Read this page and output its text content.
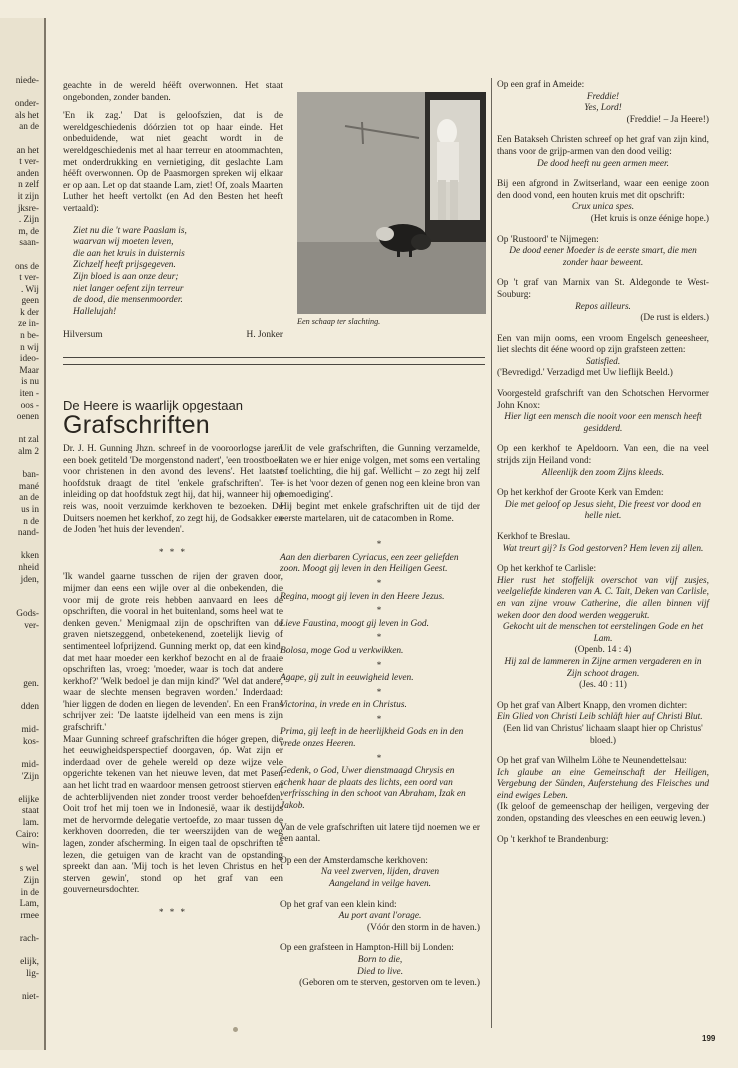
niede-
onder-
als het
an de
an het
t ver-
anden
n zelf
it zijn
jksre-
. Zijn
m, de
saan-
ons de
t ver-
. Wij
geen
k der
ze in-
n be-
n wij
ideo-
Maar
is nu
iten -
oos -
oenen
nt zal
alm 2
ban-
mané
an de
us in
n de
nand-
kken
nheid
jden,
Gods-
ver-
gen.
dden
mid-
kos-
mid-
'Zijn
elijke
staat
lam.
Cairo:
win-
s wel
Zijn
in de
Lam,
rmee
rach-
elijk,
lig-
niet-

geachte in de wereld héëft overwonnen. Het staat ongebonden, zonder banden.

'En ik zag.' Dat is geloofszien, dat is de wereldgeschiedenis dóórzien tot op haar einde. Het onbeduidende, wat niet geacht wordt in de wereldgeschiedenis met al haar terreur en atoommachten, met onderdrukking en vernietiging, dit geslachte Lam héëft overwonnen. Op de Paasmorgen spreken wij elkaar er op aan. Let op dat staande Lam, ziet! Of, zoals Maarten Luther het heeft vertolkt (en Ad den Besten het heeft vertaald):

Ziet nu die 't ware Paaslam is,
waarvan wij moeten leven,
die aan het kruis in duisternis
Zichzelf heeft prijsgegeven.
Zijn bloed is aan onze deur;
niet langer oefent zijn terreur
de dood, die mensenmoorder.
Hallelujah!
Hilversum	H. Jonker
Een schaap ter slachting.
De Heere is waarlijk opgestaan
Grafschriften

Dr. J. H. Gunning Jhzn. schreef in de vooroorlogse jaren een boek getiteld 'De morgenstond nadert', 'een troostboek voor christenen in den avond des levens'. Het laatste hoofdstuk draagt de titel 'enkele grafschriften'. Ter inleiding op dat hoofdstuk zegt hij, dat hij, wanneer hij op reis was, nooit verzuimde kerkhoven te bezoeken. De Duitsers noemen het kerkhof, zo zegt hij, de Godsakker en de Joden 'het huis der levenden'.

* * *

'Ik wandel gaarne tusschen de rijen der graven door, mijmer dan eens een wijle over al die onbekenden, die voor mij de grote reis hebben aanvaard en lees de opschriften, die vooral in het buitenland, soms heel wat te denken geven.' Menigmaal zijn de opschriften van de graven nietszeggend, onbetekenend, zoetelijk lievig of sentimenteel lofprijzend. Gunning merkt op, dat een kind, dat met haar moeder een kerkhof bezocht en al de fraaie opschriften las, vroeg: 'moeder, waar is toch dat andere kerkhof?' 'Welk bedoel je dan mijn kind?' 'Wel dat andere, waar de slechte mensen begraven worden.' Inderdaad: 'hier liggen de doden en liegen de levenden'. En een Frans schrijver zei: 'De laatste ijdelheid van een mens is zijn grafschrift.'

Maar Gunning schreef grafschriften die hóger grepen, die het eeuwigheidsperspectief doorgaven, óp. Wat zijn er inderdaad over de gehele wereld op deze wijze vele opgerichte tekenen van het nieuwe leven, dat met Pasen aan het licht trad en waardoor mensen getroost stierven en de achterblijvenden niet zonder troost verder behoefden. Ooit trof het mij toen we in Indonesië, waar ik destijds met de hervormde delegatie vertoefde, zo maar tussen de kerkhoven doorreden, die ter weerszijden van de weg lagen, zonder afscherming. In eigen taal de opschriften te lezen, die getuigen van de kracht van de opstanding spreekt dan aan. 'Mij toch is het leven Christus en het sterven gewin', stond op het graf van een gouverneursdochter.

* * *

Uit de vele grafschriften, die Gunning verzamelde, laten we er hier enige volgen, met soms een vertaling of toelichting, die hij gaf. Wellicht – zo zegt hij zelf – is het 'voor dezen of genen nog een kleine bron van bemoediging'.

Hij begint met enkele grafschriften uit de tijd der eerste martelaren, uit de catacomben in Rome.

*
Aan den dierbaren Cyriacus, een zeer geliefden zoon. Moogt gij leven in den Heiligen Geest.
*
Regina, moogt gij leven in den Heere Jezus.
*
Lieve Faustina, moogt gij leven in God.
*
Bolosa, moge God u verkwikken.
*
Agape, gij zult in eeuwigheid leven.
*
Victorina, in vrede en in Christus.
*
Prima, gij leeft in de heerlijkheid Gods en in den vrede onzes Heeren.
*
Gedenk, o God, Uwer dienstmaagd Chrysis en schenk haar de plaats des lichts, een oord van verfrissching in den schoot van Abraham, Izak en Jakob.

Van de vele grafschriften uit latere tijd noemen we er een aantal.

Op een der Amsterdamsche kerkhoven:
Na veel zwerven, lijden, draven
Aangeland in veilge haven.
Op het graf van een klein kind:
Au port avant l'orage.
(Vóór den storm in de haven.)
Op een grafsteen in Hampton-Hill bij Londen:
Born to die,
Died to live.
(Geboren om te sterven, gestorven om te leven.)
Op een graf in Ameide:
Freddie!
Yes, Lord!
(Freddie! – Ja Heere!)
Een Batakseh Christen schreef op het graf van zijn kind, thans voor de grijp-armen van den dood veilig:
De dood heeft nu geen armen meer.
Bij een afgrond in Zwitserland, waar een eenige zoon den dood vond, een houten kruis met dit opschrift:
Crux unica spes.
(Het kruis is onze éénige hope.)
Op 'Rustoord' te Nijmegen:
De dood eener Moeder is de eerste smart, die men zonder haar beweent.
Op 't graf van Marnix van St. Aldegonde te West-Souburg:
Repos ailleurs.
(De rust is elders.)
Een van mijn ooms, een vroom Engelsch geneesheer, liet slechts dit ééne woord op zijn grafsteen zetten:
Satisfied.
('Bevredigd.' Verzadigd met Uw lieflijk Beeld.)
Voorgesteld grafschrift van den Schotschen Hervormer John Knox:
Hier ligt een mensch die nooit voor een mensch heeft gesidderd.
Op een kerkhof te Apeldoorn. Van een, die na veel strijds zijn Heiland vond:
Alleenlijk den zoom Zijns kleeds.
Op het kerkhof der Groote Kerk van Emden:
Die met geloof op Jesus sieht, Die freest vor dood en helle niet.
Kerkhof te Breslau.
Wat treurt gij? Is God gestorven? Hem leven zij allen.
Op het kerkhof te Carlisle:
Hier rust het stoffelijk overschot van vijf zusjes, veelgeliefde kinderen van A. C. Tait, Deken van Carlisle, en van zijne vrouw Catherine, die allen binnen vijf weken door den dood werden weggerukt.
Gekocht uit de menschen tot eerstelingen Gode en het Lam.
(Openb. 14 : 4)
Hij zal de lammeren in Zijne armen vergaderen en in Zijn schoot dragen.
(Jes. 40 : 11)
Op het graf van Albert Knapp, den vromen dichter:
Ein Glied von Christi Leib schläft hier auf Christi Blut.
(Een lid van Christus' lichaam slaapt hier op Christus' bloed.)
Op het graf van Wilhelm Löhe te Neunendettelsau:
Ich glaube an eine Gemeinschaft der Heiligen, Vergebung der Sünden, Auferstehung des Fleisches und eind ewiges Leben.
(Ik geloof de gemeenschap der heiligen, vergeving der zonden, opstanding des vleesches en een eeuwig leven.)
Op 't kerkhof te Brandenburg:
199
